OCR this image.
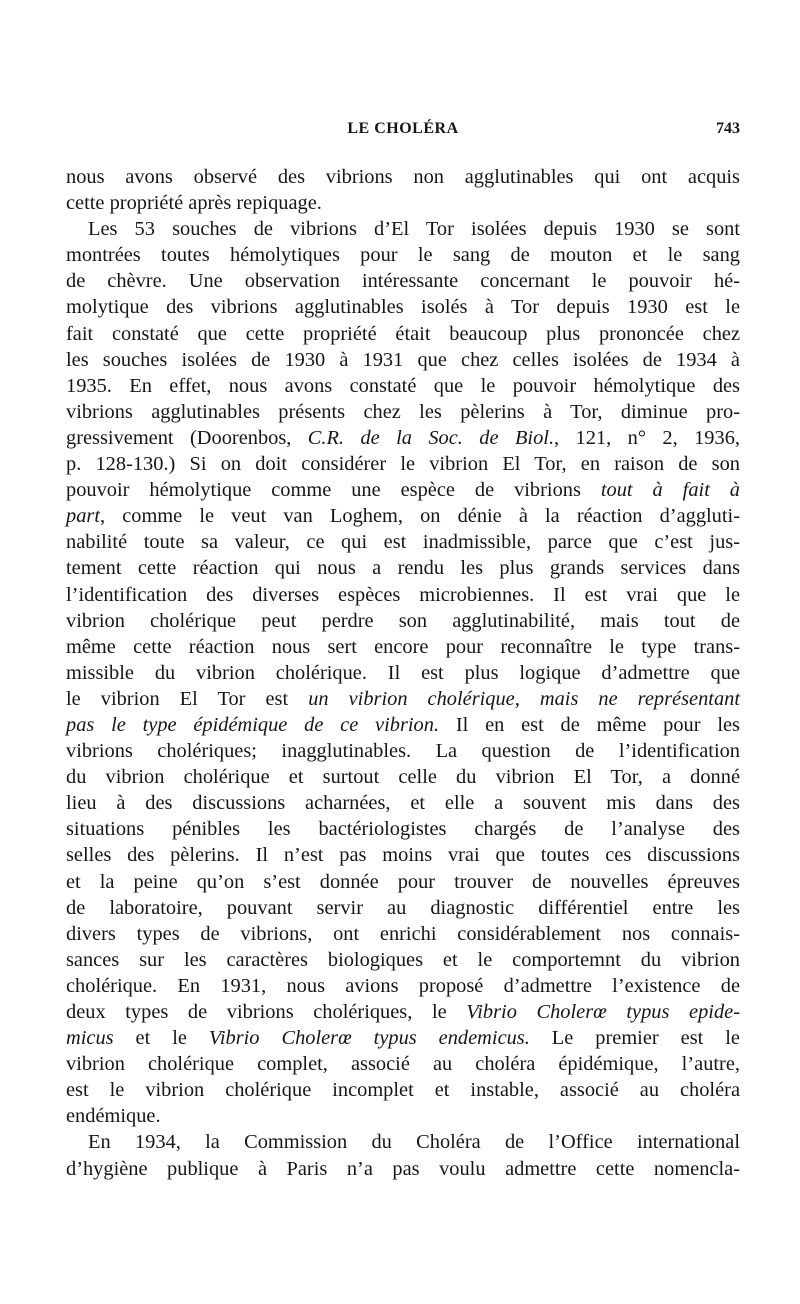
LE CHOLÉRA	743
nous avons observé des vibrions non agglutinables qui ont acquis
cette propriété après repiquage.
Les 53 souches de vibrions d’El Tor isolées depuis 1930 se sont
montrées toutes hémolytiques pour le sang de mouton et le sang
de chèvre. Une observation intéressante concernant le pouvoir hé-
molytique des vibrions agglutinables isolés à Tor depuis 1930 est le
fait constaté que cette propriété était beaucoup plus prononcée chez
les souches isolées de 1930 à 1931 que chez celles isolées de 1934 à
1935. En effet, nous avons constaté que le pouvoir hémolytique des
vibrions agglutinables présents chez les pèlerins à Tor, diminue pro-
gressivement (Doorenbos, C.R. de la Soc. de Biol., 121, n° 2, 1936,
p. 128-130.) Si on doit considérer le vibrion El Tor, en raison de son
pouvoir hémolytique comme une espèce de vibrions tout à fait à
part, comme le veut van Loghem, on dénie à la réaction d’aggluti-
nabilité toute sa valeur, ce qui est inadmissible, parce que c’est jus-
tement cette réaction qui nous a rendu les plus grands services dans
l’identification des diverses espèces microbiennes. Il est vrai que le
vibrion cholérique peut perdre son agglutinabilité, mais tout de
même cette réaction nous sert encore pour reconnaître le type trans-
missible du vibrion cholérique. Il est plus logique d’admettre que
le vibrion El Tor est un vibrion cholérique, mais ne représentant
pas le type épidémique de ce vibrion. Il en est de même pour les
vibrions cholériques; inagglutinables. La question de l’identification
du vibrion cholérique et surtout celle du vibrion El Tor, a donné
lieu à des discussions acharnées, et elle a souvent mis dans des
situations pénibles les bactériologistes chargés de l’analyse des
selles des pèlerins. Il n’est pas moins vrai que toutes ces discussions
et la peine qu’on s’est donnée pour trouver de nouvelles épreuves
de laboratoire, pouvant servir au diagnostic différentiel entre les
divers types de vibrions, ont enrichi considérablement nos connais-
sances sur les caractères biologiques et le comportemnt du vibrion
cholérique. En 1931, nous avions proposé d’admettre l’existence de
deux types de vibrions cholériques, le Vibrio Cholerœ typus epide-
micus et le Vibrio Cholerœ typus endemicus. Le premier est le
vibrion cholérique complet, associé au choléra épidémique, l’autre,
est le vibrion cholérique incomplet et instable, associé au choléra
endémique.
En 1934, la Commission du Choléra de l’Office international
d’hygiène publique à Paris n’a pas voulu admettre cette nomencla-
